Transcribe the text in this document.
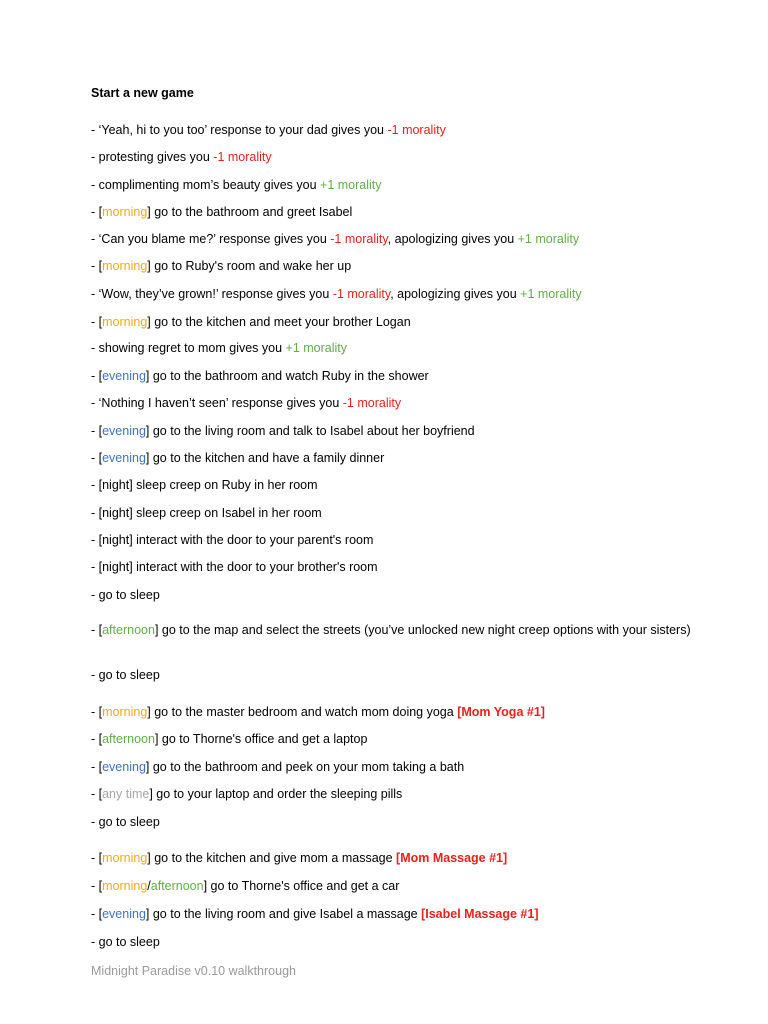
Start a new game
- ‘Yeah, hi to you too’ response to your dad gives you -1 morality
- protesting gives you -1 morality
- complimenting mom’s beauty gives you +1 morality
- [morning] go to the bathroom and greet Isabel
- ‘Can you blame me?’ response gives you -1 morality, apologizing gives you +1 morality
- [morning] go to Ruby's room and wake her up
- ‘Wow, they’ve grown!’ response gives you -1 morality, apologizing gives you +1 morality
- [morning] go to the kitchen and meet your brother Logan
- showing regret to mom gives you +1 morality
- [evening] go to the bathroom and watch Ruby in the shower
- ‘Nothing I haven’t seen’ response gives you -1 morality
- [evening] go to the living room and talk to Isabel about her boyfriend
- [evening] go to the kitchen and have a family dinner
- [night] sleep creep on Ruby in her room
- [night] sleep creep on Isabel in her room
- [night] interact with the door to your parent's room
- [night] interact with the door to your brother's room
- go to sleep
- [afternoon] go to the map and select the streets (you’ve unlocked new night creep options with your sisters)
- go to sleep
- [morning] go to the master bedroom and watch mom doing yoga [Mom Yoga #1]
- [afternoon] go to Thorne's office and get a laptop
- [evening] go to the bathroom and peek on your mom taking a bath
- [any time] go to your laptop and order the sleeping pills
- go to sleep
- [morning] go to the kitchen and give mom a massage [Mom Massage #1]
- [morning/afternoon] go to Thorne's office and get a car
- [evening] go to the living room and give Isabel a massage [Isabel Massage #1]
- go to sleep
Midnight Paradise v0.10 walkthrough
